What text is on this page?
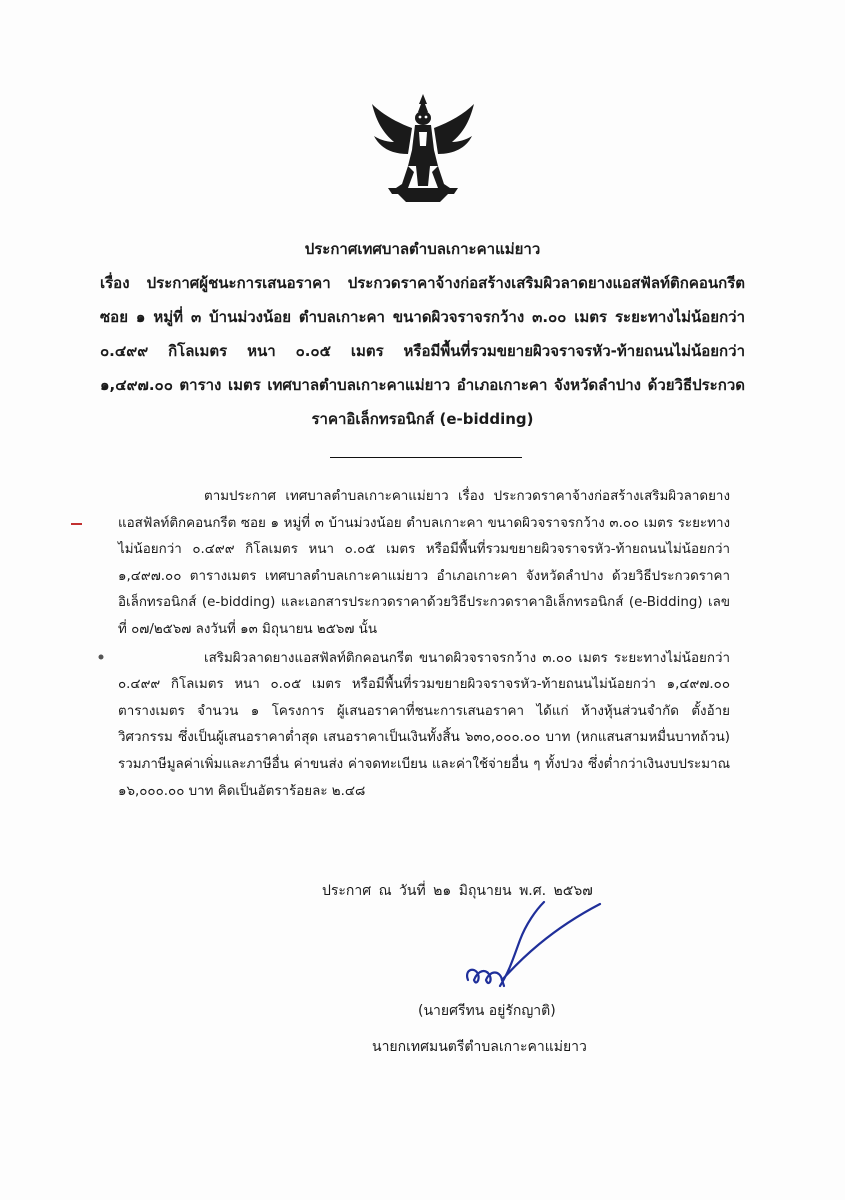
ประกาศเทศบาลตำบลเกาะคาแม่ยาว
เรื่อง ประกาศผู้ชนะการเสนอราคา ประกวดราคาจ้างก่อสร้างเสริมผิวลาดยางแอสฟัลท์ติกคอนกรีต ซอย ๑ หมู่ที่ ๓ บ้านม่วงน้อย ตำบลเกาะคา ขนาดผิวจราจรกว้าง ๓.๐๐ เมตร ระยะทางไม่น้อยกว่า ๐.๔๙๙ กิโลเมตร หนา ๐.๐๕ เมตร หรือมีพื้นที่รวมขยายผิวจราจรหัว-ท้ายถนนไม่น้อยกว่า ๑,๔๙๗.๐๐ ตาราง เมตร เทศบาลตำบลเกาะคาแม่ยาว อำเภอเกาะคา จังหวัดลำปาง ด้วยวิธีประกวดราคาอิเล็กทรอนิกส์ (e-bidding)

ตามประกาศ เทศบาลตำบลเกาะคาแม่ยาว เรื่อง ประกวดราคาจ้างก่อสร้างเสริมผิวลาดยางแอสฟัลท์ติกคอนกรีต ซอย ๑ หมู่ที่ ๓ บ้านม่วงน้อย ตำบลเกาะคา ขนาดผิวจราจรกว้าง ๓.๐๐ เมตร ระยะทางไม่น้อยกว่า ๐.๔๙๙ กิโลเมตร หนา ๐.๐๕ เมตร หรือมีพื้นที่รวมขยายผิวจราจรหัว-ท้ายถนนไม่น้อยกว่า ๑,๔๙๗.๐๐ ตารางเมตร เทศบาลตำบลเกาะคาแม่ยาว อำเภอเกาะคา จังหวัดลำปาง ด้วยวิธีประกวดราคาอิเล็กทรอนิกส์ (e-bidding) และเอกสารประกวดราคาด้วยวิธีประกวดราคาอิเล็กทรอนิกส์ (e-Bidding) เลขที่ ๐๗/๒๕๖๗ ลงวันที่ ๑๓ มิถุนายน ๒๕๖๗ นั้น

เสริมผิวลาดยางแอสฟัลท์ติกคอนกรีต ขนาดผิวจราจรกว้าง ๓.๐๐ เมตร ระยะทางไม่น้อยกว่า ๐.๔๙๙ กิโลเมตร หนา ๐.๐๕ เมตร หรือมีพื้นที่รวมขยายผิวจราจรหัว-ท้ายถนนไม่น้อยกว่า ๑,๔๙๗.๐๐ ตารางเมตร จำนวน ๑ โครงการ ผู้เสนอราคาที่ชนะการเสนอราคา ได้แก่ ห้างหุ้นส่วนจำกัด ตั้งอ้าย วิศวกรรม ซึ่งเป็นผู้เสนอราคาต่ำสุด เสนอราคาเป็นเงินทั้งสิ้น ๖๓๐,๐๐๐.๐๐ บาท (หกแสนสามหมื่นบาทถ้วน) รวมภาษีมูลค่าเพิ่มและภาษีอื่น ค่าขนส่ง ค่าจดทะเบียน และค่าใช้จ่ายอื่น ๆ ทั้งปวง ซึ่งต่ำกว่าเงินงบประมาณ ๑๖,๐๐๐.๐๐ บาท คิดเป็นอัตราร้อยละ ๒.๔๘

ประกาศ ณ วันที่ ๒๑ มิถุนายน พ.ศ. ๒๕๖๗
(นายศรีทน อยู่รักญาติ)
นายกเทศมนตรีตำบลเกาะคาแม่ยาว
